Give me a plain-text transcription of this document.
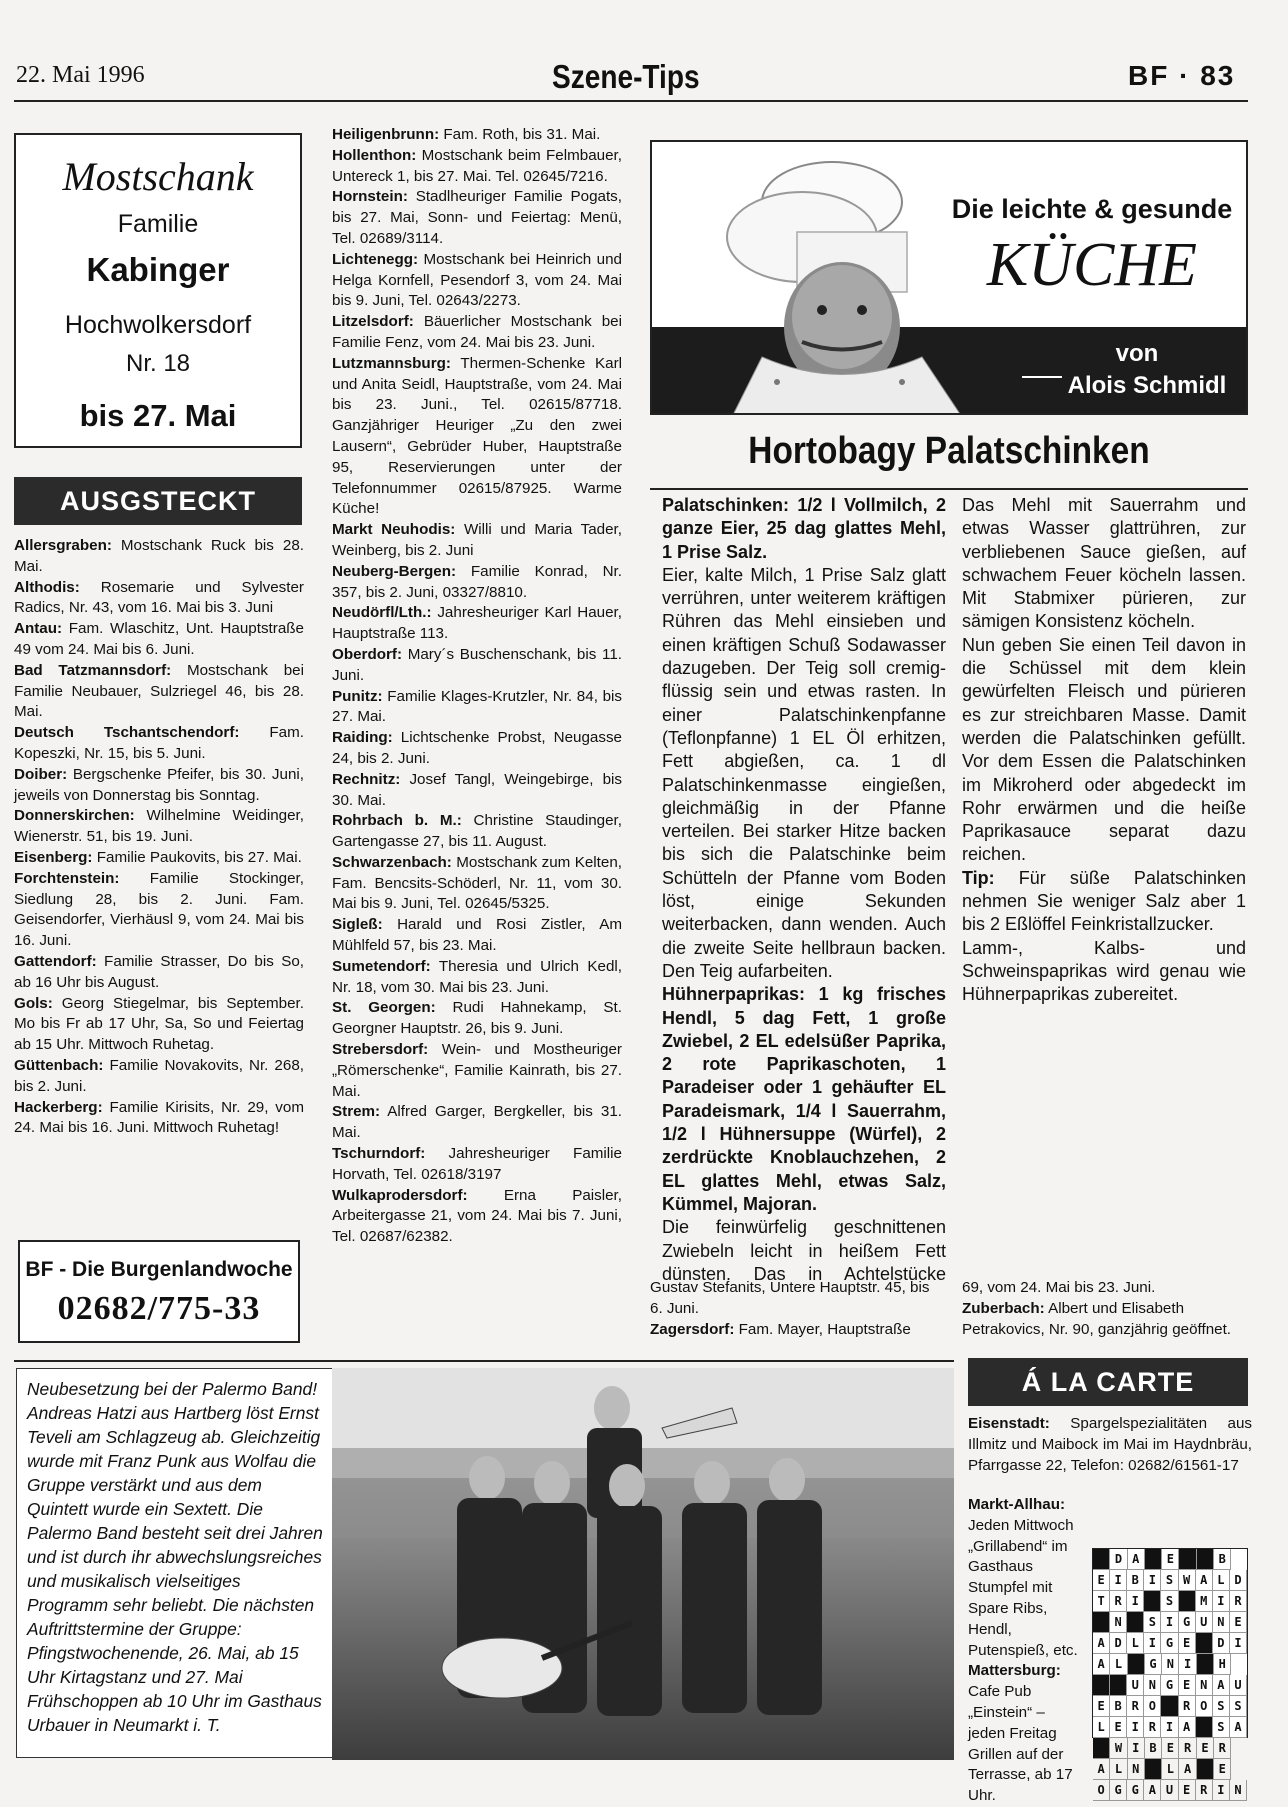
22. Mai 1996	Szene-Tips	BF · 83
Mostschank
Familie
Kabinger
Hochwolkersdorf
Nr. 18
bis 27. Mai
AUSGSTECKT

Allersgraben: Mostschank Ruck bis 28. Mai.

Althodis: Rosemarie und Sylvester Radics, Nr. 43, vom 16. Mai bis 3. Juni

Antau: Fam. Wlaschitz, Unt. Hauptstraße 49 vom 24. Mai bis 6. Juni.

Bad Tatzmannsdorf: Mostschank bei Familie Neubauer, Sulzriegel 46, bis 28. Mai.

Deutsch Tschantschendorf: Fam. Kopeszki, Nr. 15, bis 5. Juni.

Doiber: Bergschenke Pfeifer, bis 30. Juni, jeweils von Donnerstag bis Sonntag.

Donnerskirchen: Wilhelmine Weidinger, Wienerstr. 51, bis 19. Juni.

Eisenberg: Familie Paukovits, bis 27. Mai.

Forchtenstein: Familie Stockinger, Siedlung 28, bis 2. Juni. Fam. Geisendorfer, Vierhäusl 9, vom 24. Mai bis 16. Juni.

Gattendorf: Familie Strasser, Do bis So, ab 16 Uhr bis August.

Gols: Georg Stiegelmar, bis September. Mo bis Fr ab 17 Uhr, Sa, So und Feiertag ab 15 Uhr. Mittwoch Ruhetag.

Güttenbach: Familie Novakovits, Nr. 268, bis 2. Juni.

Hackerberg: Familie Kirisits, Nr. 29, vom 24. Mai bis 16. Juni. Mittwoch Ruhetag!

Heiligenbrunn: Fam. Roth, bis 31. Mai.

Hollenthon: Mostschank beim Felmbauer, Untereck 1, bis 27. Mai. Tel. 02645/7216.

Hornstein: Stadlheuriger Familie Pogats, bis 27. Mai, Sonn- und Feiertag: Menü, Tel. 02689/3114.

Lichtenegg: Mostschank bei Heinrich und Helga Kornfell, Pesendorf 3, vom 24. Mai bis 9. Juni, Tel. 02643/2273.

Litzelsdorf: Bäuerlicher Mostschank bei Familie Fenz, vom 24. Mai bis 23. Juni.

Lutzmannsburg: Thermen-Schenke Karl und Anita Seidl, Hauptstraße, vom 24. Mai bis 23. Juni., Tel. 02615/87718. Ganzjähriger Heuriger „Zu den zwei Lausern“, Gebrüder Huber, Hauptstraße 95, Reservierungen unter der Telefonnummer 02615/87925. Warme Küche!

Markt Neuhodis: Willi und Maria Tader, Weinberg, bis 2. Juni

Neuberg-Bergen: Familie Konrad, Nr. 357, bis 2. Juni, 03327/8810.

Neudörfl/Lth.: Jahresheuriger Karl Hauer, Hauptstraße 113.

Oberdorf: Mary´s Buschenschank, bis 11. Juni.

Punitz: Familie Klages-Krutzler, Nr. 84, bis 27. Mai.

Raiding: Lichtschenke Probst, Neugasse 24, bis 2. Juni.

Rechnitz: Josef Tangl, Weingebirge, bis 30. Mai.

Rohrbach b. M.: Christine Staudinger, Gartengasse 27, bis 11. August.

Schwarzenbach: Mostschank zum Kelten, Fam. Bencsits-Schöderl, Nr. 11, vom 30. Mai bis 9. Juni, Tel. 02645/5325.

Sigleß: Harald und Rosi Zistler, Am Mühlfeld 57, bis 23. Mai.

Sumetendorf: Theresia und Ulrich Kedl, Nr. 18, vom 30. Mai bis 23. Juni.

St. Georgen: Rudi Hahnekamp, St. Georgner Hauptstr. 26, bis 9. Juni.

Strebersdorf: Wein- und Mostheuriger „Römerschenke“, Familie Kainrath, bis 27. Mai.

Strem: Alfred Garger, Bergkeller, bis 31. Mai.

Tschurndorf: Jahresheuriger Familie Horvath, Tel. 02618/3197

Wulkaprodersdorf: Erna Paisler, Arbeitergasse 21, vom 24. Mai bis 7. Juni, Tel. 02687/62382.

BF - Die Burgenlandwoche
02682/775-33
Die leichte & gesunde
KÜCHE
von
Alois Schmidl
Hortobagy Palatschinken

Palatschinken: 1/2 l Vollmilch, 2 ganze Eier, 25 dag glattes Mehl, 1 Prise Salz.

Eier, kalte Milch, 1 Prise Salz glatt verrühren, unter weiterem kräftigen Rühren das Mehl einsieben und einen kräftigen Schuß Sodawasser dazugeben. Der Teig soll cremig-flüssig sein und etwas rasten. In einer Palatschinkenpfanne (Teflonpfanne) 1 EL Öl erhitzen, Fett abgießen, ca. 1 dl Palatschinkenmasse eingießen, gleichmäßig in der Pfanne verteilen. Bei starker Hitze backen bis sich die Palatschinke beim Schütteln der Pfanne vom Boden löst, einige Sekunden weiterbacken, dann wenden. Auch die zweite Seite hellbraun backen. Den Teig aufarbeiten.

Hühnerpaprikas: 1 kg frisches Hendl, 5 dag Fett, 1 große Zwiebel, 2 EL edelsüßer Paprika, 2 rote Paprikaschoten, 1 Paradeiser oder 1 gehäufter EL Paradeismark, 1/4 l Sauerrahm, 1/2 l Hühnersuppe (Würfel), 2 zerdrückte Knoblauchzehen, 2 EL glattes Mehl, etwas Salz, Kümmel, Majoran.

Die feinwürfelig geschnittenen Zwiebeln leicht in heißem Fett dünsten. Das in Achtelstücke

Das Mehl mit Sauerrahm und etwas Wasser glattrühren, zur verbliebenen Sauce gießen, auf schwachem Feuer köcheln lassen. Mit Stabmixer pürieren, zur sämigen Konsistenz köcheln.

Nun geben Sie einen Teil davon in die Schüssel mit dem klein gewürfelten Fleisch und pürieren es zur streichbaren Masse. Damit werden die Palatschinken gefüllt. Vor dem Essen die Palatschinken im Mikroherd oder abgedeckt im Rohr erwärmen und die heiße Paprikasauce separat dazu reichen.

Tip: Für süße Palatschinken nehmen Sie weniger Salz aber 1 bis 2 Eßlöffel Feinkristallzucker.

Lamm-, Kalbs- und Schweinspaprikas wird genau wie Hühnerpaprikas zubereitet.

Gustav Stefanits, Untere Hauptstr. 45, bis 6. Juni.

Zagersdorf: Fam. Mayer, Hauptstraße

69, vom 24. Mai bis 23. Juni.

Zuberbach: Albert und Elisabeth Petrakovics, Nr. 90, ganzjährig geöffnet.

Neubesetzung bei der Palermo Band! Andreas Hatzi aus Hartberg löst Ernst Teveli am Schlagzeug ab. Gleichzeitig wurde mit Franz Punk aus Wolfau die Gruppe verstärkt und aus dem Quintett wurde ein Sextett. Die Palermo Band besteht seit drei Jahren und ist durch ihr abwechslungsreiches und musikalisch vielseitiges Programm sehr beliebt. Die nächsten Auftrittstermine der Gruppe: Pfingstwochenende, 26. Mai, ab 15 Uhr Kirtagstanz und 27. Mai Frühschoppen ab 10 Uhr im Gasthaus Urbauer in Neumarkt i. T.
Á LA CARTE
Eisenstadt: Spargelspezialitäten aus Illmitz und Maibock im Mai im Haydnbräu, Pfarrgasse 22, Telefon: 02682/61561-17

Markt-Allhau: Jeden Mittwoch „Grillabend“ im Gasthaus Stumpfel mit Spare Ribs, Hendl, Putenspieß, etc.

Mattersburg: Cafe Pub „Einstein“ – jeden Freitag Grillen auf der Terrasse, ab 17 Uhr.

D A	E	B
E I B I S W A L D
T R I	S	M I R
N	S I G U N E
A D L I G E	D I
A L	G N I	H
U N G E N A U
E B R O	R O S S
L E I R I A	S A
W I B E R E R
A L N	L A	E
O G G A U E R I N
